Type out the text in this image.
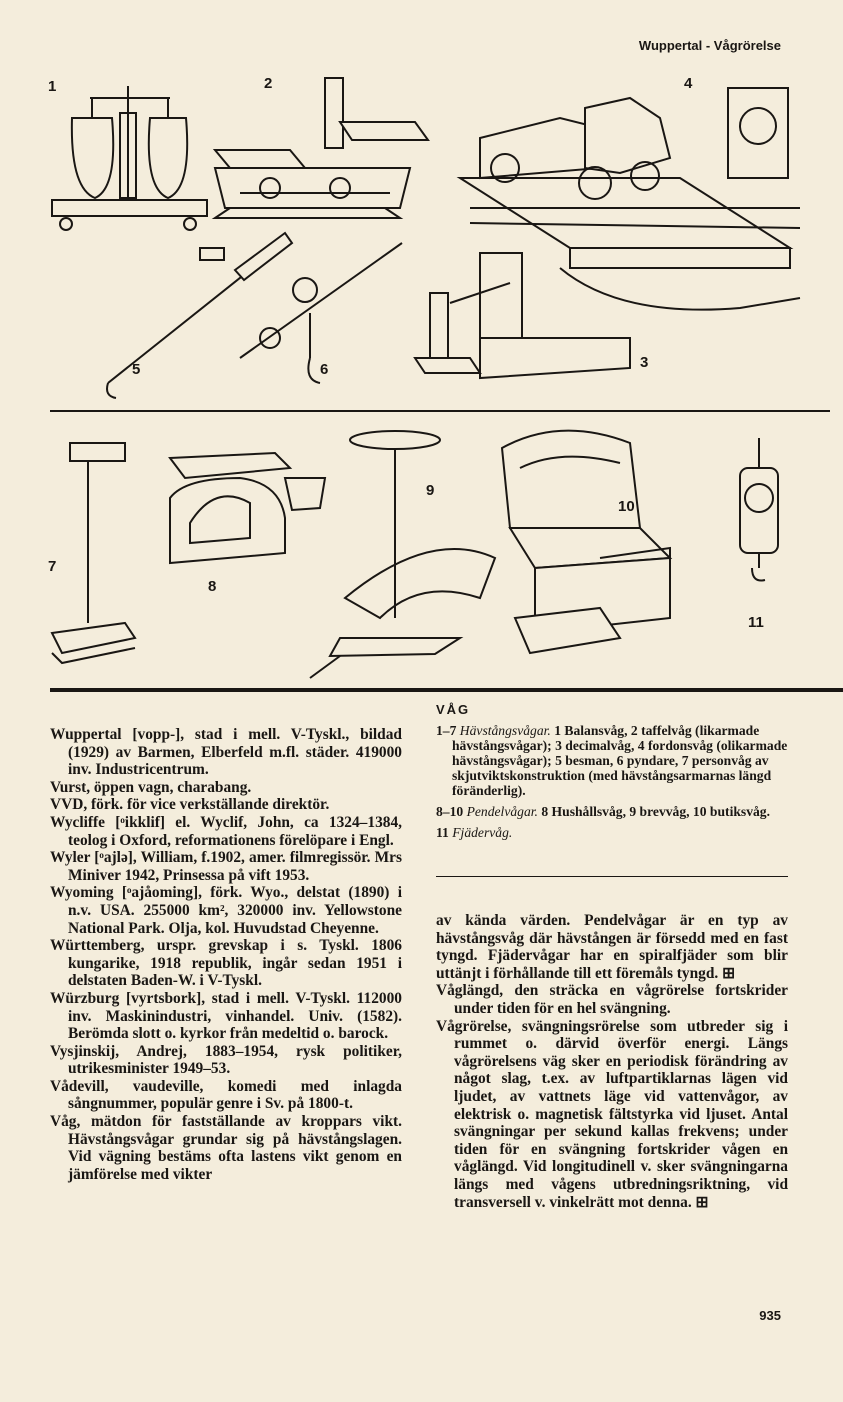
Wuppertal - Vågrörelse
1	2	4
5	6	3
7
8
9
10
11
VÅG

1–7 Hävstångsvågar. 1 Balansvåg, 2 taffelvåg (likarmade hävstångsvågar); 3 decimalvåg, 4 fordonsvåg (olikarmade hävstångsvågar); 5 besman, 6 pyndare, 7 personvåg av skjutviktskonstruktion (med hävstångsarmarnas längd föränderlig).

8–10 Pendelvågar. 8 Hushållsvåg, 9 brevvåg, 10 butiksvåg.

11 Fjädervåg.

Wuppertal [vopp-], stad i mell. V-Tyskl., bildad (1929) av Barmen, Elberfeld m.fl. städer. 419000 inv. Industricentrum.

Vurst, öppen vagn, charabang.

VVD, förk. för vice verkställande direktör.

Wycliffe [ᵒikklif] el. Wyclif, John, ca 1324–1384, teolog i Oxford, reformationens förelöpare i Engl.

Wyler [ᵒajlə], William, f.1902, amer. filmregissör. Mrs Miniver 1942, Prinsessa på vift 1953.

Wyoming [ᵒajåoming], förk. Wyo., delstat (1890) i n.v. USA. 255000 km², 320000 inv. Yellowstone National Park. Olja, kol. Huvudstad Cheyenne.

Württemberg, urspr. grevskap i s. Tyskl. 1806 kungarike, 1918 republik, ingår sedan 1951 i delstaten Baden-W. i V-Tyskl.

Würzburg [vyrtsbork], stad i mell. V-Tyskl. 112000 inv. Maskinindustri, vinhandel. Univ. (1582). Berömda slott o. kyrkor från medeltid o. barock.

Vysjinskij, Andrej, 1883–1954, rysk politiker, utrikesminister 1949–53.

Vådevill, vaudeville, komedi med inlagda sångnummer, populär genre i Sv. på 1800-t.

Våg, mätdon för fastställande av kroppars vikt. Hävstångsvågar grundar sig på hävstångslagen. Vid vägning bestäms ofta lastens vikt genom en jämförelse med vikter

av kända värden. Pendelvågar är en typ av hävstångsvåg där hävstången är försedd med en fast tyngd. Fjädervågar har en spiralfjäder som blir uttänjt i förhållande till ett föremåls tyngd. ⊞

Våglängd, den sträcka en vågrörelse fortskrider under tiden för en hel svängning.

Vågrörelse, svängningsrörelse som utbreder sig i rummet o. därvid överför energi. Längs vågrörelsens väg sker en periodisk förändring av något slag, t.ex. av luftpartiklarnas lägen vid ljudet, av vattnets läge vid vattenvågor, av elektrisk o. magnetisk fältstyrka vid ljuset. Antal svängningar per sekund kallas frekvens; under tiden för en svängning fortskrider vågen en våglängd. Vid longitudinell v. sker svängningarna längs med vågens utbredningsriktning, vid transversell v. vinkelrätt mot denna. ⊞

935
